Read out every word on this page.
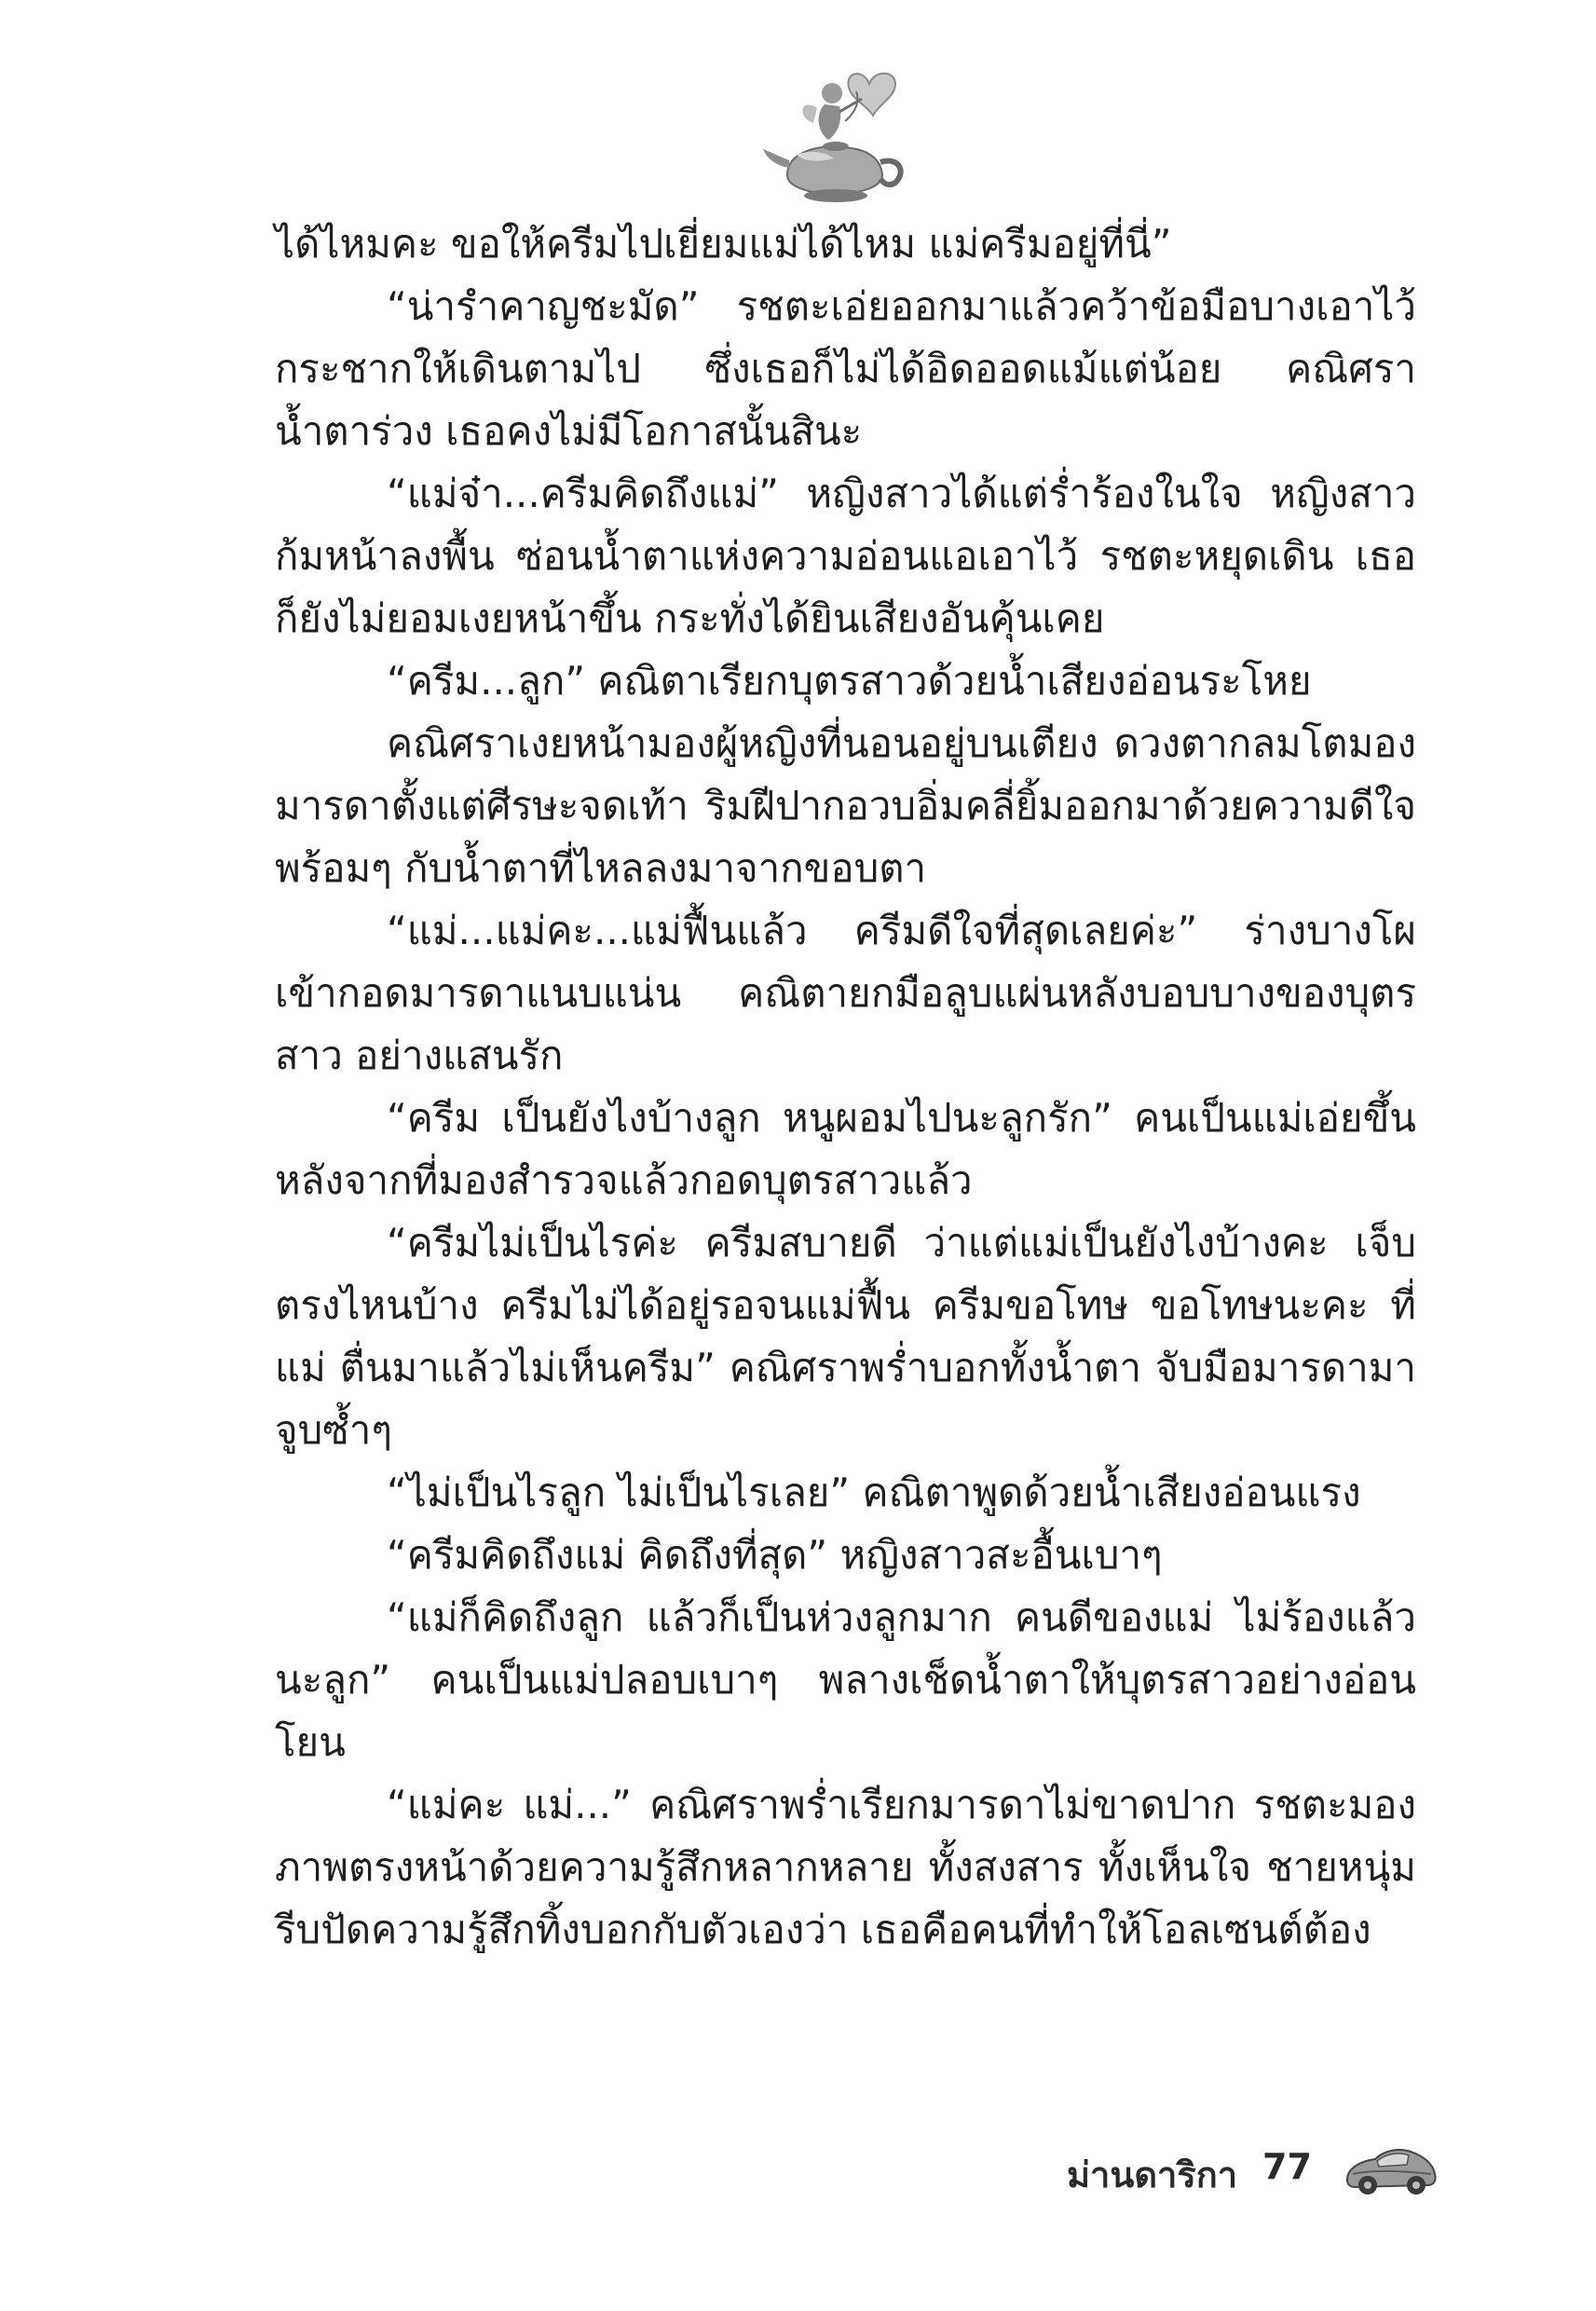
ได้ไหมคะ ขอให้ครีมไปเยี่ยมแม่ได้ไหม แม่ครีมอยู่ที่นี่”

“น่ารำคาญชะมัด” รชตะเอ่ยออกมาแล้วคว้าข้อมือบางเอาไว้ กระชากให้เดินตามไป ซึ่งเธอก็ไม่ได้อิดออดแม้แต่น้อย คณิศรา น้ำตาร่วง เธอคงไม่มีโอกาสนั้นสินะ

“แม่จ๋า...ครีมคิดถึงแม่” หญิงสาวได้แต่ร่ำร้องในใจ หญิงสาว ก้มหน้าลงพื้น ซ่อนน้ำตาแห่งความอ่อนแอเอาไว้ รชตะหยุดเดิน เธอ ก็ยังไม่ยอมเงยหน้าขึ้น กระทั่งได้ยินเสียงอันคุ้นเคย

“ครีม...ลูก” คณิตาเรียกบุตรสาวด้วยน้ำเสียงอ่อนระโหย

คณิศราเงยหน้ามองผู้หญิงที่นอนอยู่บนเตียง ดวงตากลมโตมอง มารดาตั้งแต่ศีรษะจดเท้า ริมฝีปากอวบอิ่มคลี่ยิ้มออกมาด้วยความดีใจ พร้อมๆ กับน้ำตาที่ไหลลงมาจากขอบตา

“แม่...แม่คะ...แม่ฟื้นแล้ว ครีมดีใจที่สุดเลยค่ะ” ร่างบางโผ เข้ากอดมารดาแนบแน่น คณิตายกมือลูบแผ่นหลังบอบบางของบุตรสาว อย่างแสนรัก

“ครีม เป็นยังไงบ้างลูก หนูผอมไปนะลูกรัก” คนเป็นแม่เอ่ยขึ้น หลังจากที่มองสำรวจแล้วกอดบุตรสาวแล้ว

“ครีมไม่เป็นไรค่ะ ครีมสบายดี ว่าแต่แม่เป็นยังไงบ้างคะ เจ็บ ตรงไหนบ้าง ครีมไม่ได้อยู่รอจนแม่ฟื้น ครีมขอโทษ ขอโทษนะคะ ที่แม่ ตื่นมาแล้วไม่เห็นครีม” คณิศราพร่ำบอกทั้งน้ำตา จับมือมารดามาจูบซ้ำๆ

“ไม่เป็นไรลูก ไม่เป็นไรเลย” คณิตาพูดด้วยน้ำเสียงอ่อนแรง

“ครีมคิดถึงแม่ คิดถึงที่สุด” หญิงสาวสะอื้นเบาๆ

“แม่ก็คิดถึงลูก แล้วก็เป็นห่วงลูกมาก คนดีของแม่ ไม่ร้องแล้ว นะลูก” คนเป็นแม่ปลอบเบาๆ พลางเช็ดน้ำตาให้บุตรสาวอย่างอ่อนโยน

“แม่คะ แม่...” คณิศราพร่ำเรียกมารดาไม่ขาดปาก รชตะมอง ภาพตรงหน้าด้วยความรู้สึกหลากหลาย ทั้งสงสาร ทั้งเห็นใจ ชายหนุ่ม รีบปัดความรู้สึกทิ้งบอกกับตัวเองว่า เธอคือคนที่ทำให้โอลเซนต์ต้อง

ม่านดาริกา 77
